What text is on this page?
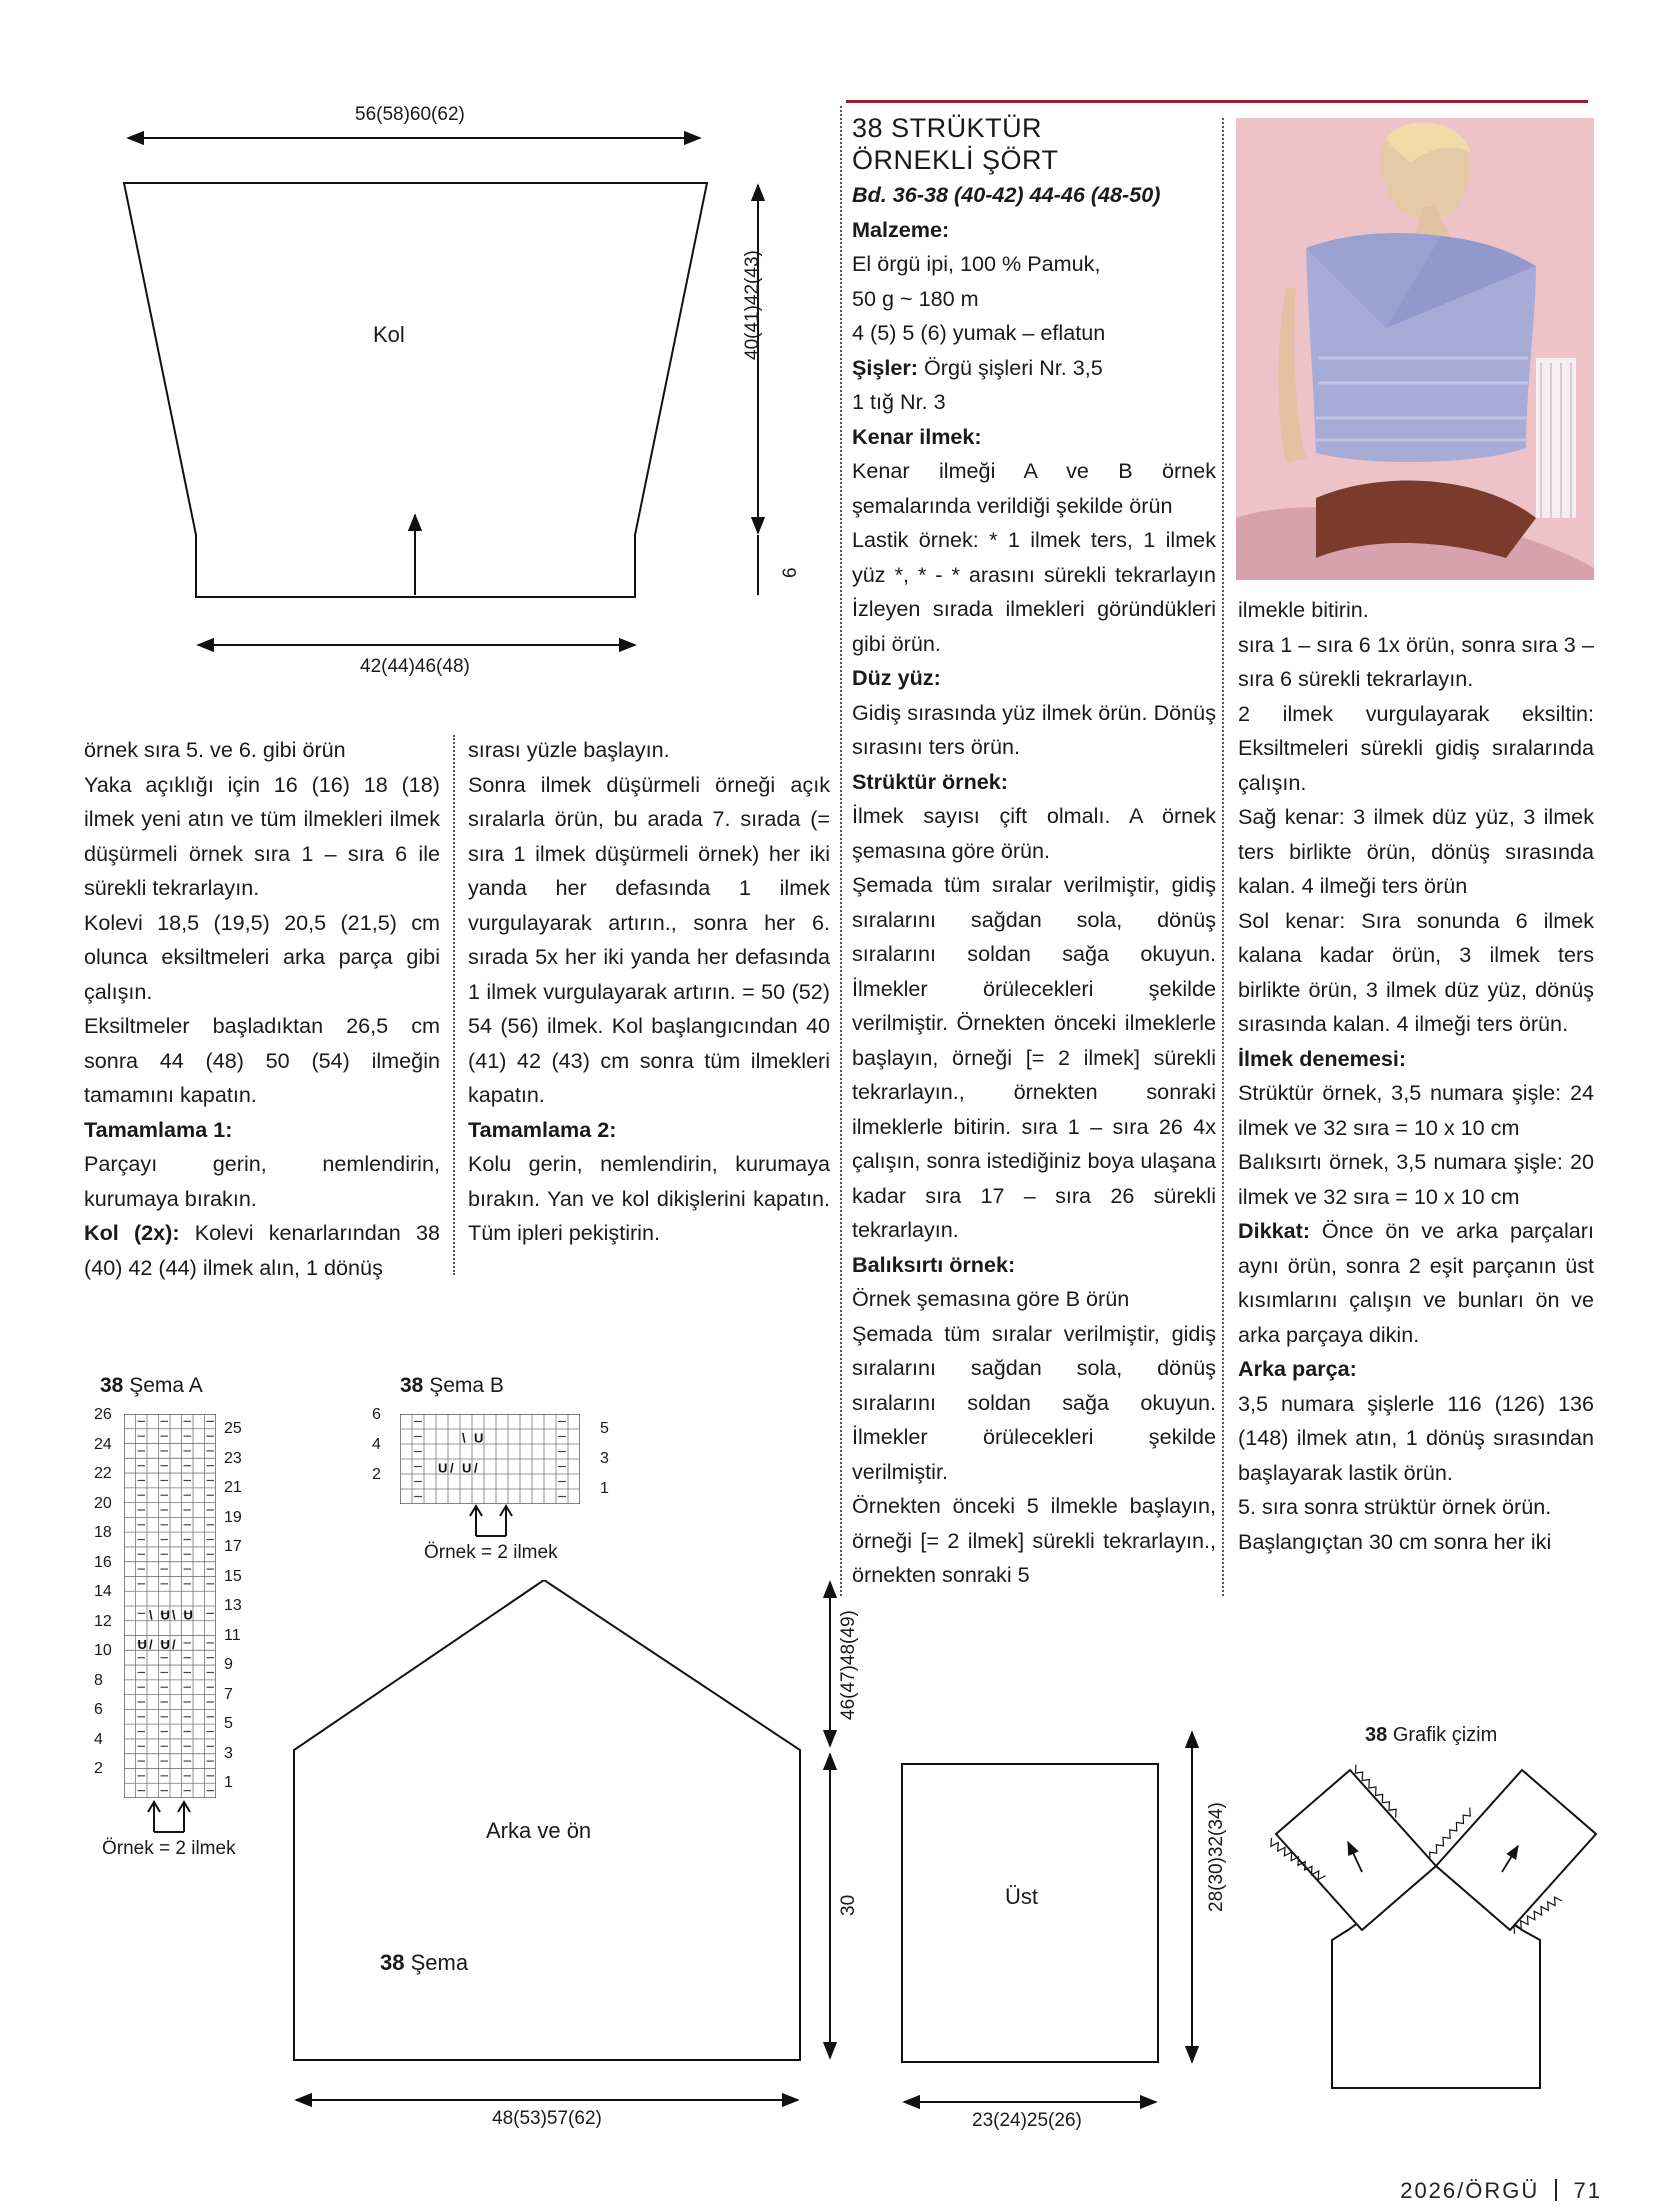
56(58)60(62)
Kol	40(41)42(43)
6
42(44)46(48)

örnek sıra 5. ve 6. gibi örün

Yaka açıklığı için 16 (16) 18 (18) ilmek yeni atın ve tüm ilmekleri ilmek düşürmeli örnek sıra 1 – sıra 6 ile sürekli tekrarlayın.

Kolevi 18,5 (19,5) 20,5 (21,5) cm olunca eksiltmeleri arka parça gibi çalışın.

Eksiltmeler başladıktan 26,5 cm sonra 44 (48) 50 (54) ilmeğin tamamını kapatın.

Tamamlama 1:

Parçayı gerin, nemlendirin, kurumaya bırakın.

Kol (2x): Kolevi kenarlarından 38 (40) 42 (44) ilmek alın, 1 dönüş

sırası yüzle başlayın.

Sonra ilmek düşürmeli örneği açık sıralarla örün, bu arada 7. sırada (= sıra 1 ilmek düşürmeli örnek) her iki yanda her defasında 1 ilmek vurgulayarak artırın., sonra her 6. sırada 5x her iki yanda her defasında 1 ilmek vurgulayarak artırın. = 50 (52) 54 (56) ilmek. Kol başlangıcından 40 (41) 42 (43) cm sonra tüm ilmekleri kapatın.

Tamamlama 2:

Kolu gerin, nemlendirin, kurumaya bırakın. Yan ve kol dikişlerini kapatın. Tüm ipleri pekiştirin.

38 STRÜKTÜR
ÖRNEKLİ ŞÖRT

Bd. 36-38 (40-42) 44-46 (48-50)

Malzeme:

El örgü ipi, 100 % Pamuk,

50 g ~ 180 m

4 (5) 5 (6) yumak – eflatun

Şişler: Örgü şişleri Nr. 3,5

1 tığ Nr. 3

Kenar ilmek:

Kenar ilmeği A ve B örnek şemalarında verildiği şekilde örün

Lastik örnek: * 1 ilmek ters, 1 ilmek yüz *, * - * arasını sürekli tekrarlayın İzleyen sırada ilmekleri göründükleri gibi örün.

Düz yüz:

Gidiş sırasında yüz ilmek örün. Dönüş sırasını ters örün.

Strüktür örnek:

İlmek sayısı çift olmalı. A örnek şemasına göre örün.

Şemada tüm sıralar verilmiştir, gidiş sıralarını sağdan sola, dönüş sıralarını soldan sağa okuyun. İlmekler örülecekleri şekilde verilmiştir. Örnekten önceki ilmeklerle başlayın, örneği [= 2 ilmek] sürekli tekrarlayın., örnekten sonraki ilmeklerle bitirin. sıra 1 – sıra 26 4x çalışın, sonra istediğiniz boya ulaşana kadar sıra 17 – sıra 26 sürekli tekrarlayın.

Balıksırtı örnek:

Örnek şemasına göre B örün

Şemada tüm sıralar verilmiştir, gidiş sıralarını sağdan sola, dönüş sıralarını soldan sağa okuyun. İlmekler örülecekleri şekilde verilmiştir.

Örnekten önceki 5 ilmekle başlayın, örneği [= 2 ilmek] sürekli tekrarlayın., örnekten sonraki 5

ilmekle bitirin.

sıra 1 – sıra 6 1x örün, sonra sıra 3 – sıra 6 sürekli tekrarlayın.

2 ilmek vurgulayarak eksiltin: Eksiltmeleri sürekli gidiş sıralarında çalışın.

Sağ kenar: 3 ilmek düz yüz, 3 ilmek ters birlikte örün, dönüş sırasında kalan. 4 ilmeği ters örün

Sol kenar: Sıra sonunda 6 ilmek kalana kadar örün, 3 ilmek ters birlikte örün, 3 ilmek düz yüz, dönüş sırasında kalan. 4 ilmeği ters örün.

İlmek denemesi:

Strüktür örnek, 3,5 numara şişle: 24 ilmek ve 32 sıra = 10 x 10 cm

Balıksırtı örnek, 3,5 numara şişle: 20 ilmek ve 32 sıra = 10 x 10 cm

Dikkat: Önce ön ve arka parçaları aynı örün, sonra 2 eşit parçanın üst kısımlarını çalışın ve bunları ön ve arka parçaya dikin.

Arka parça:

3,5 numara şişlerle 116 (126) 136 (148) ilmek atın, 1 dönüş sırasından başlayarak lastik örün.

5. sıra sonra strüktür örnek örün.

Başlangıçtan 30 cm sonra her iki

38 Şema A
\ U \ U
U / U /
26
24
22
20
18
16
14
12
10
8
6
4
2
25
23
21
19
17
15
13
11
9
7
5
3
1
Örnek = 2 ilmek
38 Şema B
\ U
U / U /
6
4
2
5
3
1
Örnek = 2 ilmek
Arka ve ön
38 Şema
46(47)48(49)
30
48(53)57(62)
Üst	28(30)32(34)
23(24)25(26)
38 Grafik çizim
2026/ÖRGÜ 71
